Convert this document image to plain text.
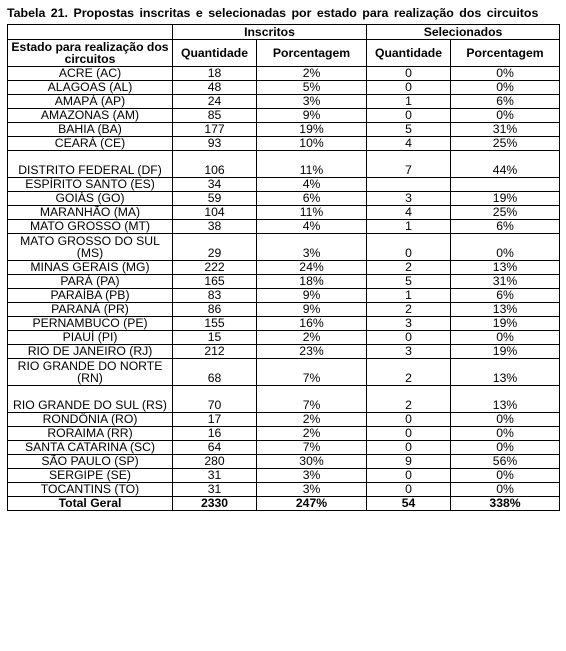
Tabela 21. Propostas inscritas e selecionadas por estado para realização dos circuitos

	Inscritos		Selecionados	
Estado para realização dos circuitos	Quantidade	Porcentagem	Quantidade	Porcentagem
ACRE (AC)	18	2%	0	0%
ALAGOAS (AL)	48	5%	0	0%
AMAPÁ (AP)	24	3%	1	6%
AMAZONAS (AM)	85	9%	0	0%
BAHIA (BA)	177	19%	5	31%
CEARÁ (CE)	93	10%	4	25%
DISTRITO FEDERAL (DF)	106	11%	7	44%
ESPÍRITO SANTO (ES)	34	4%		
GOIÁS (GO)	59	6%	3	19%
MARANHÃO (MA)	104	11%	4	25%
MATO GROSSO (MT)	38	4%	1	6%
MATO GROSSO DO SUL (MS)	29	3%	0	0%
MINAS GERAIS (MG)	222	24%	2	13%
PARÁ (PA)	165	18%	5	31%
PARAÍBA (PB)	83	9%	1	6%
PARANÁ (PR)	86	9%	2	13%
PERNAMBUCO (PE)	155	16%	3	19%
PIAUÍ (PI)	15	2%	0	0%
RIO DE JANEIRO (RJ)	212	23%	3	19%
RIO GRANDE DO NORTE (RN)	68	7%	2	13%
RIO GRANDE DO SUL (RS)	70	7%	2	13%
RONDÔNIA (RO)	17	2%	0	0%
RORAIMA (RR)	16	2%	0	0%
SANTA CATARINA (SC)	64	7%	0	0%
SÃO PAULO (SP)	280	30%	9	56%
SERGIPE (SE)	31	3%	0	0%
TOCANTINS (TO)	31	3%	0	0%
Total Geral	2330	247%	54	338%
